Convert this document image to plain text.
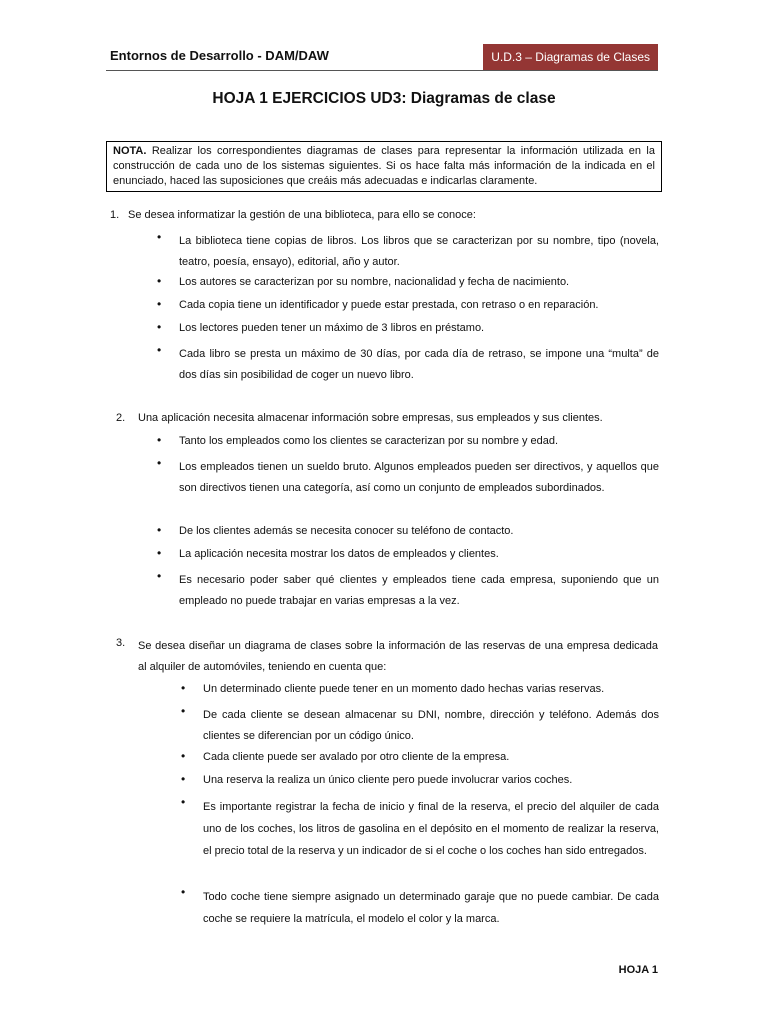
Entornos de Desarrollo - DAM/DAW	U.D.3 – Diagramas de Clases
HOJA 1 EJERCICIOS UD3: Diagramas de clase
NOTA. Realizar los correspondientes diagramas de clases para representar la información utilizada en la construcción de cada uno de los sistemas siguientes. Si os hace falta más información de la indicada en el enunciado, haced las suposiciones que creáis más adecuadas e indicarlas claramente.
1. Se desea informatizar la gestión de una biblioteca, para ello se conoce:
• La biblioteca tiene copias de libros. Los libros que se caracterizan por su nombre, tipo (novela, teatro, poesía, ensayo), editorial, año y autor.
• Los autores se caracterizan por su nombre, nacionalidad y fecha de nacimiento.
• Cada copia tiene un identificador y puede estar prestada, con retraso o en reparación.
• Los lectores pueden tener un máximo de 3 libros en préstamo.
• Cada libro se presta un máximo de 30 días, por cada día de retraso, se impone una “multa” de dos días sin posibilidad de coger un nuevo libro.
2. Una aplicación necesita almacenar información sobre empresas, sus empleados y sus clientes.
• Tanto los empleados como los clientes se caracterizan por su nombre y edad.
• Los empleados tienen un sueldo bruto. Algunos empleados pueden ser directivos, y aquellos que son directivos tienen una categoría, así como un conjunto de empleados subordinados.
• De los clientes además se necesita conocer su teléfono de contacto.
• La aplicación necesita mostrar los datos de empleados y clientes.
• Es necesario poder saber qué clientes y empleados tiene cada empresa, suponiendo que un empleado no puede trabajar en varias empresas a la vez.
3. Se desea diseñar un diagrama de clases sobre la información de las reservas de una empresa dedicada al alquiler de automóviles, teniendo en cuenta que:
• Un determinado cliente puede tener en un momento dado hechas varias reservas.
• De cada cliente se desean almacenar su DNI, nombre, dirección y teléfono. Además dos clientes se diferencian por un código único.
• Cada cliente puede ser avalado por otro cliente de la empresa.
• Una reserva la realiza un único cliente pero puede involucrar varios coches.
• Es importante registrar la fecha de inicio y final de la reserva, el precio del alquiler de cada uno de los coches, los litros de gasolina en el depósito en el momento de realizar la reserva, el precio total de la reserva y un indicador de si el coche o los coches han sido entregados.
• Todo coche tiene siempre asignado un determinado garaje que no puede cambiar. De cada coche se requiere la matrícula, el modelo el color y la marca.
HOJA 1
